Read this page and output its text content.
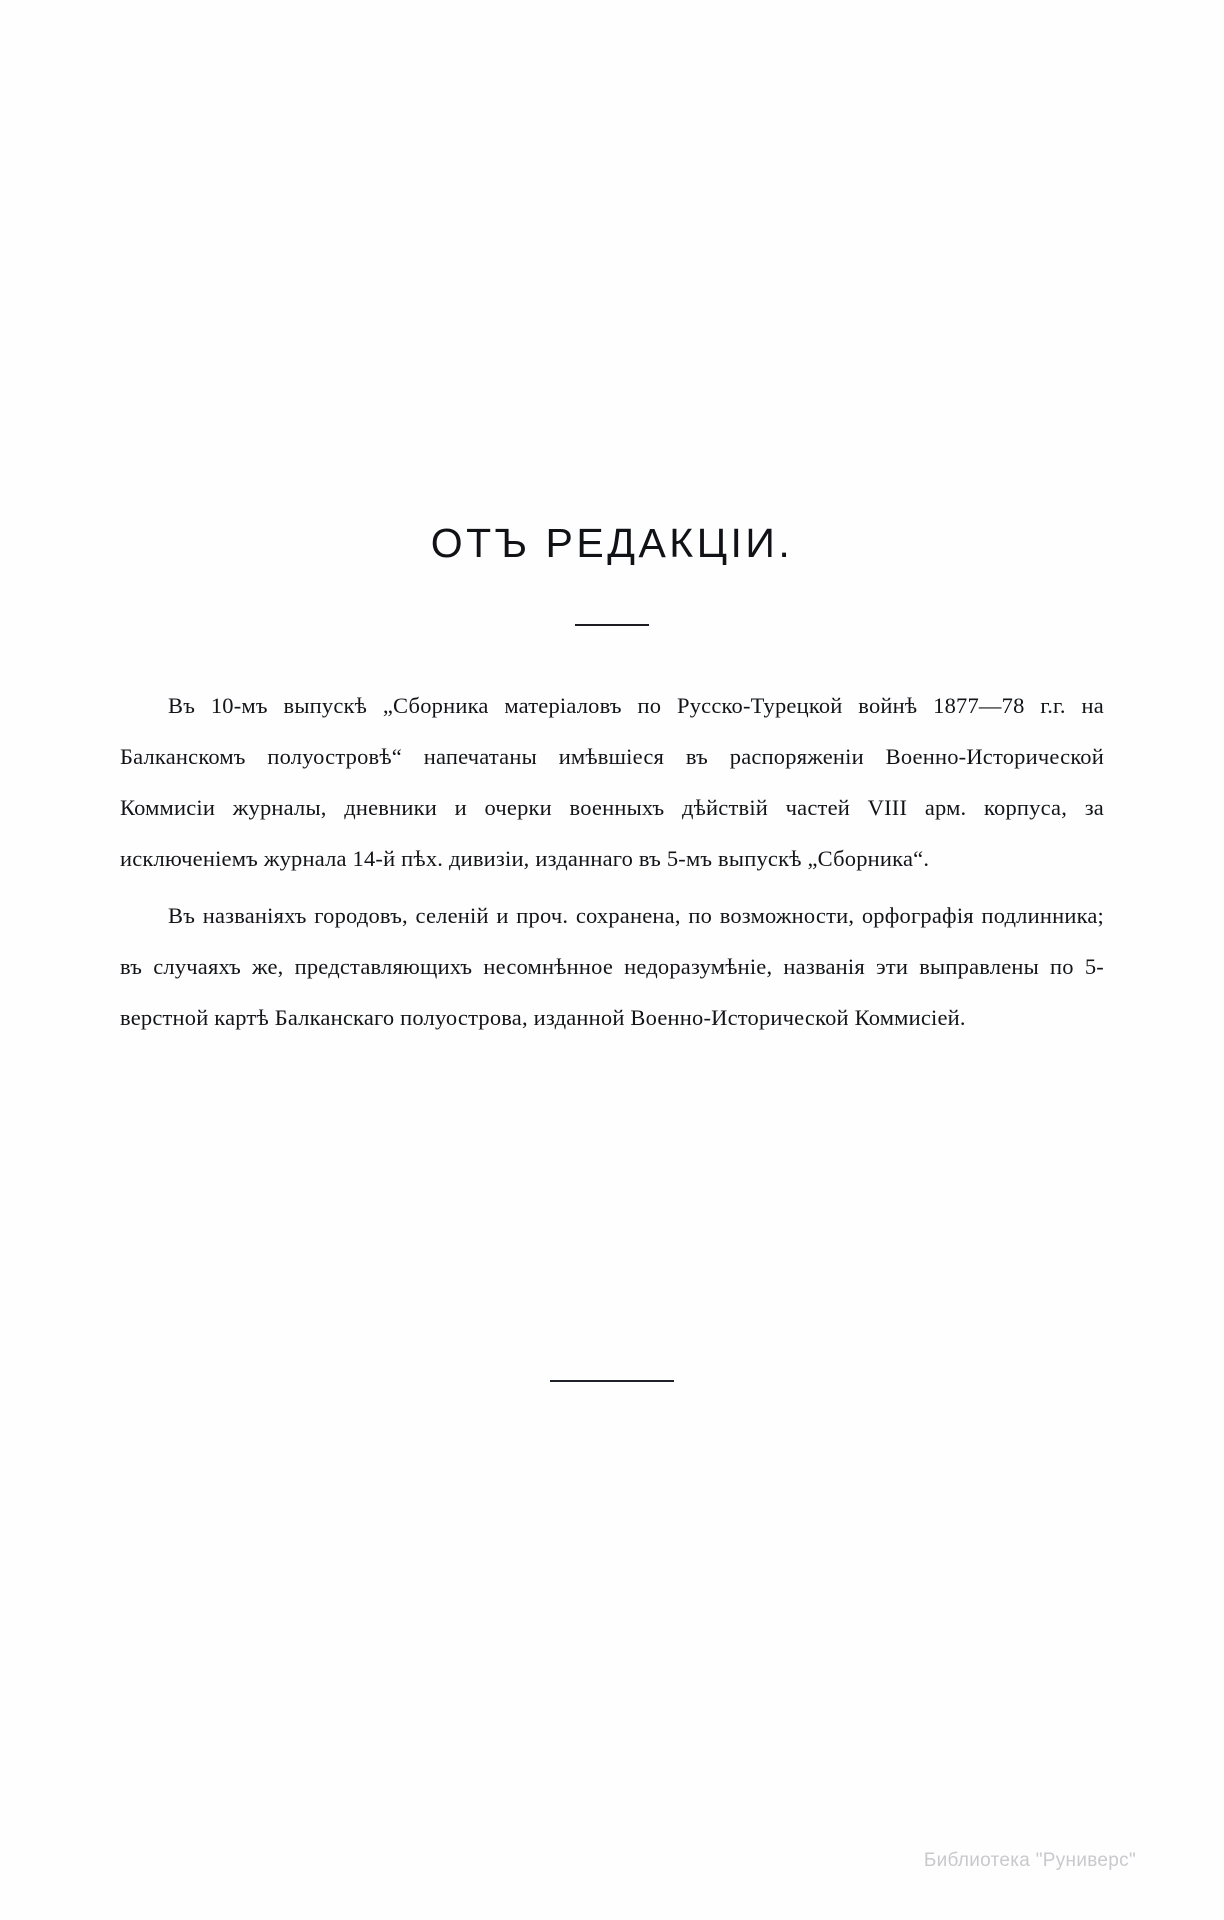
ОТЪ РЕДАКЦІИ.

Въ 10-мъ выпускѣ „Сборника матеріаловъ по Русско-Турецкой войнѣ 1877—78 г.г. на Балканскомъ полуостровѣ“ напечатаны имѣвшіеся въ распоряженіи Военно-Исторической Коммисіи журналы, дневники и очерки военныхъ дѣйствій частей VIII арм. корпуса, за исключеніемъ журнала 14-й пѣх. дивизіи, изданнаго въ 5-мъ выпускѣ „Сборника“.

Въ названіяхъ городовъ, селеній и проч. сохранена, по возможности, орфографія подлинника; въ случаяхъ же, представляющихъ несомнѣнное недоразумѣніе, названія эти выправлены по 5-верстной картѣ Балканскаго полуострова, изданной Военно-Исторической Коммисіей.

Библиотека "Руниверс"
